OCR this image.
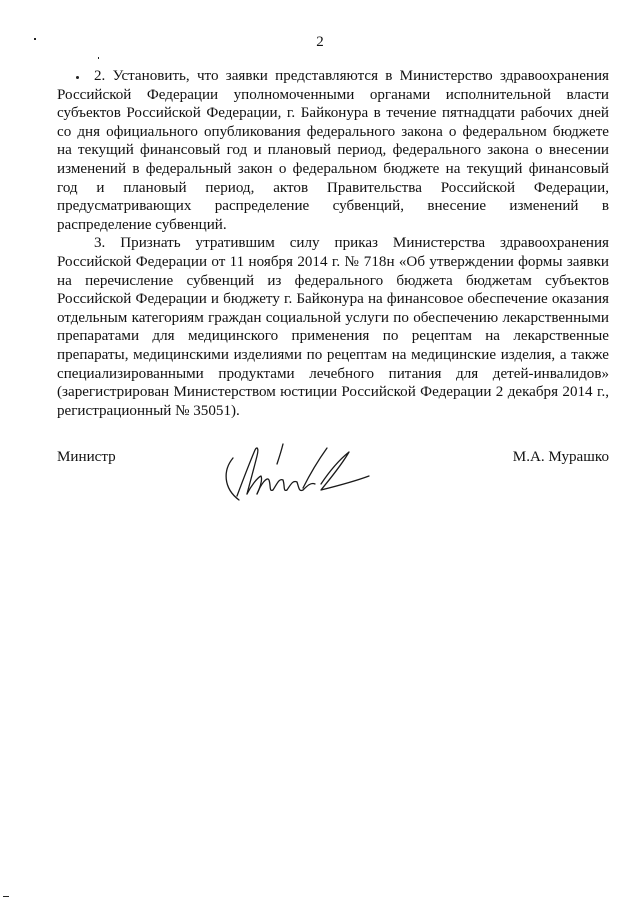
2

2. Установить, что заявки представляются в Министерство здравоохранения Российской Федерации уполномоченными органами исполнительной власти субъектов Российской Федерации, г. Байконура в течение пятнадцати рабочих дней со дня официального опубликования федерального закона о федеральном бюджете на текущий финансовый год и плановый период, федерального закона о внесении изменений в федеральный закон о федеральном бюджете на текущий финансовый год и плановый период, актов Правительства Российской Федерации, предусматривающих распределение субвенций, внесение изменений в распределение субвенций.

3. Признать утратившим силу приказ Министерства здравоохранения Российской Федерации от 11 ноября 2014 г. № 718н «Об утверждении формы заявки на перечисление субвенций из федерального бюджета бюджетам субъектов Российской Федерации и бюджету г. Байконура на финансовое обеспечение оказания отдельным категориям граждан социальной услуги по обеспечению лекарственными препаратами для медицинского применения по рецептам на лекарственные препараты, медицинскими изделиями по рецептам на медицинские изделия, а также специализированными продуктами лечебного питания для детей-инвалидов» (зарегистрирован Министерством юстиции Российской Федерации 2 декабря 2014 г., регистрационный № 35051).

Министр	М.А. Мурашко
